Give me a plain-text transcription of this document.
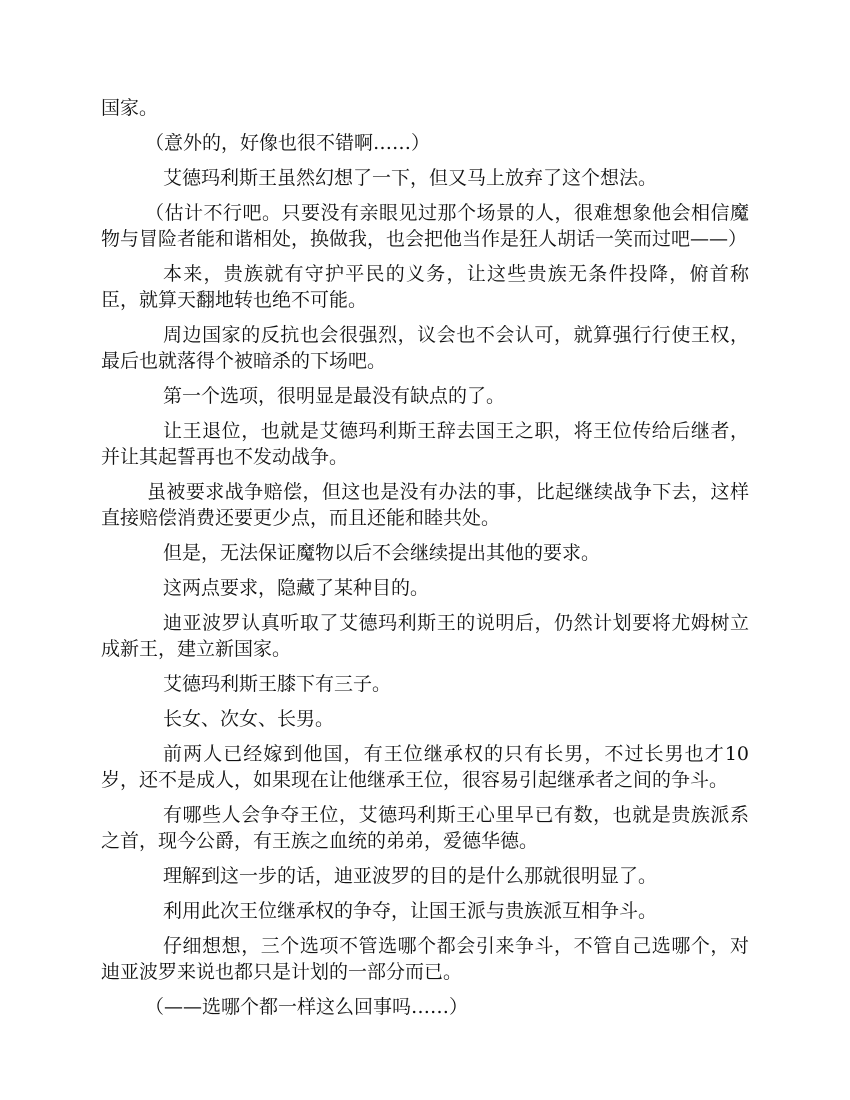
国家。

（意外的，好像也很不错啊……）

艾德玛利斯王虽然幻想了一下，但又马上放弃了这个想法。

（估计不行吧。只要没有亲眼见过那个场景的人，很难想象他会相信魔物与冒险者能和谐相处，换做我，也会把他当作是狂人胡话一笑而过吧——）

本来，贵族就有守护平民的义务，让这些贵族无条件投降，俯首称臣，就算天翻地转也绝不可能。

周边国家的反抗也会很强烈，议会也不会认可，就算强行行使王权，最后也就落得个被暗杀的下场吧。

第一个选项，很明显是最没有缺点的了。

让王退位，也就是艾德玛利斯王辞去国王之职，将王位传给后继者，并让其起誓再也不发动战争。

虽被要求战争赔偿，但这也是没有办法的事，比起继续战争下去，这样直接赔偿消费还要更少点，而且还能和睦共处。

但是，无法保证魔物以后不会继续提出其他的要求。

这两点要求，隐藏了某种目的。

迪亚波罗认真听取了艾德玛利斯王的说明后，仍然计划要将尤姆树立成新王，建立新国家。

艾德玛利斯王膝下有三子。

长女、次女、长男。

前两人已经嫁到他国，有王位继承权的只有长男，不过长男也才10岁，还不是成人，如果现在让他继承王位，很容易引起继承者之间的争斗。

有哪些人会争夺王位，艾德玛利斯王心里早已有数，也就是贵族派系之首，现今公爵，有王族之血统的弟弟，爱德华德。

理解到这一步的话，迪亚波罗的目的是什么那就很明显了。

利用此次王位继承权的争夺，让国王派与贵族派互相争斗。

仔细想想，三个选项不管选哪个都会引来争斗，不管自己选哪个，对迪亚波罗来说也都只是计划的一部分而已。

（——选哪个都一样这么回事吗……）
